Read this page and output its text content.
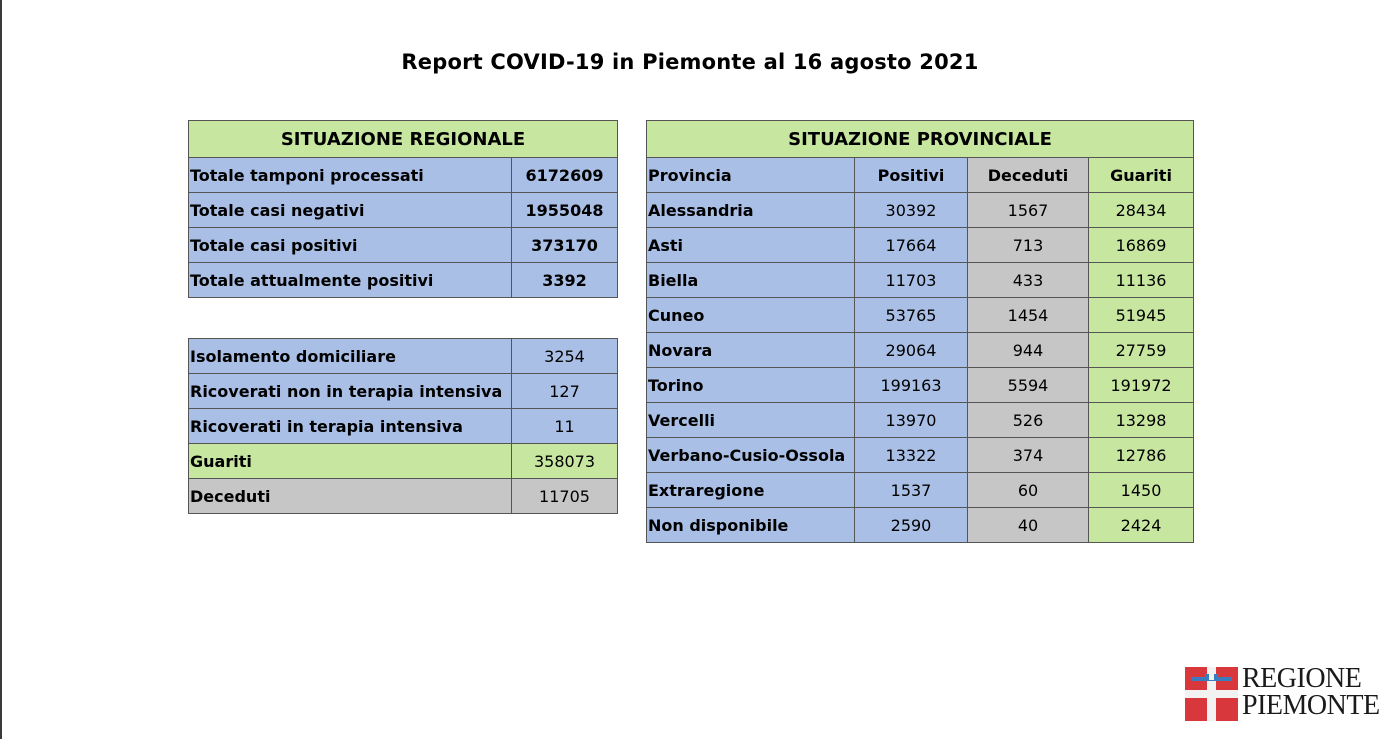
Report COVID-19 in Piemonte al 16 agosto 2021
SITUAZIONE REGIONALE	
Totale tamponi processati	6172609
Totale casi negativi	1955048
Totale casi positivi	373170
Totale attualmente positivi	3392
Isolamento domiciliare	3254
Ricoverati non in terapia intensiva	127
Ricoverati in terapia intensiva	11
Guariti	358073
Deceduti	11705
SITUAZIONE PROVINCIALE			
Provincia	Positivi	Deceduti	Guariti
Alessandria	30392	1567	28434
Asti	17664	713	16869
Biella	11703	433	11136
Cuneo	53765	1454	51945
Novara	29064	944	27759
Torino	199163	5594	191972
Vercelli	13970	526	13298
Verbano-Cusio-Ossola	13322	374	12786
Extraregione	1537	60	1450
Non disponibile	2590	40	2424
REGIONE
PIEMONTE
